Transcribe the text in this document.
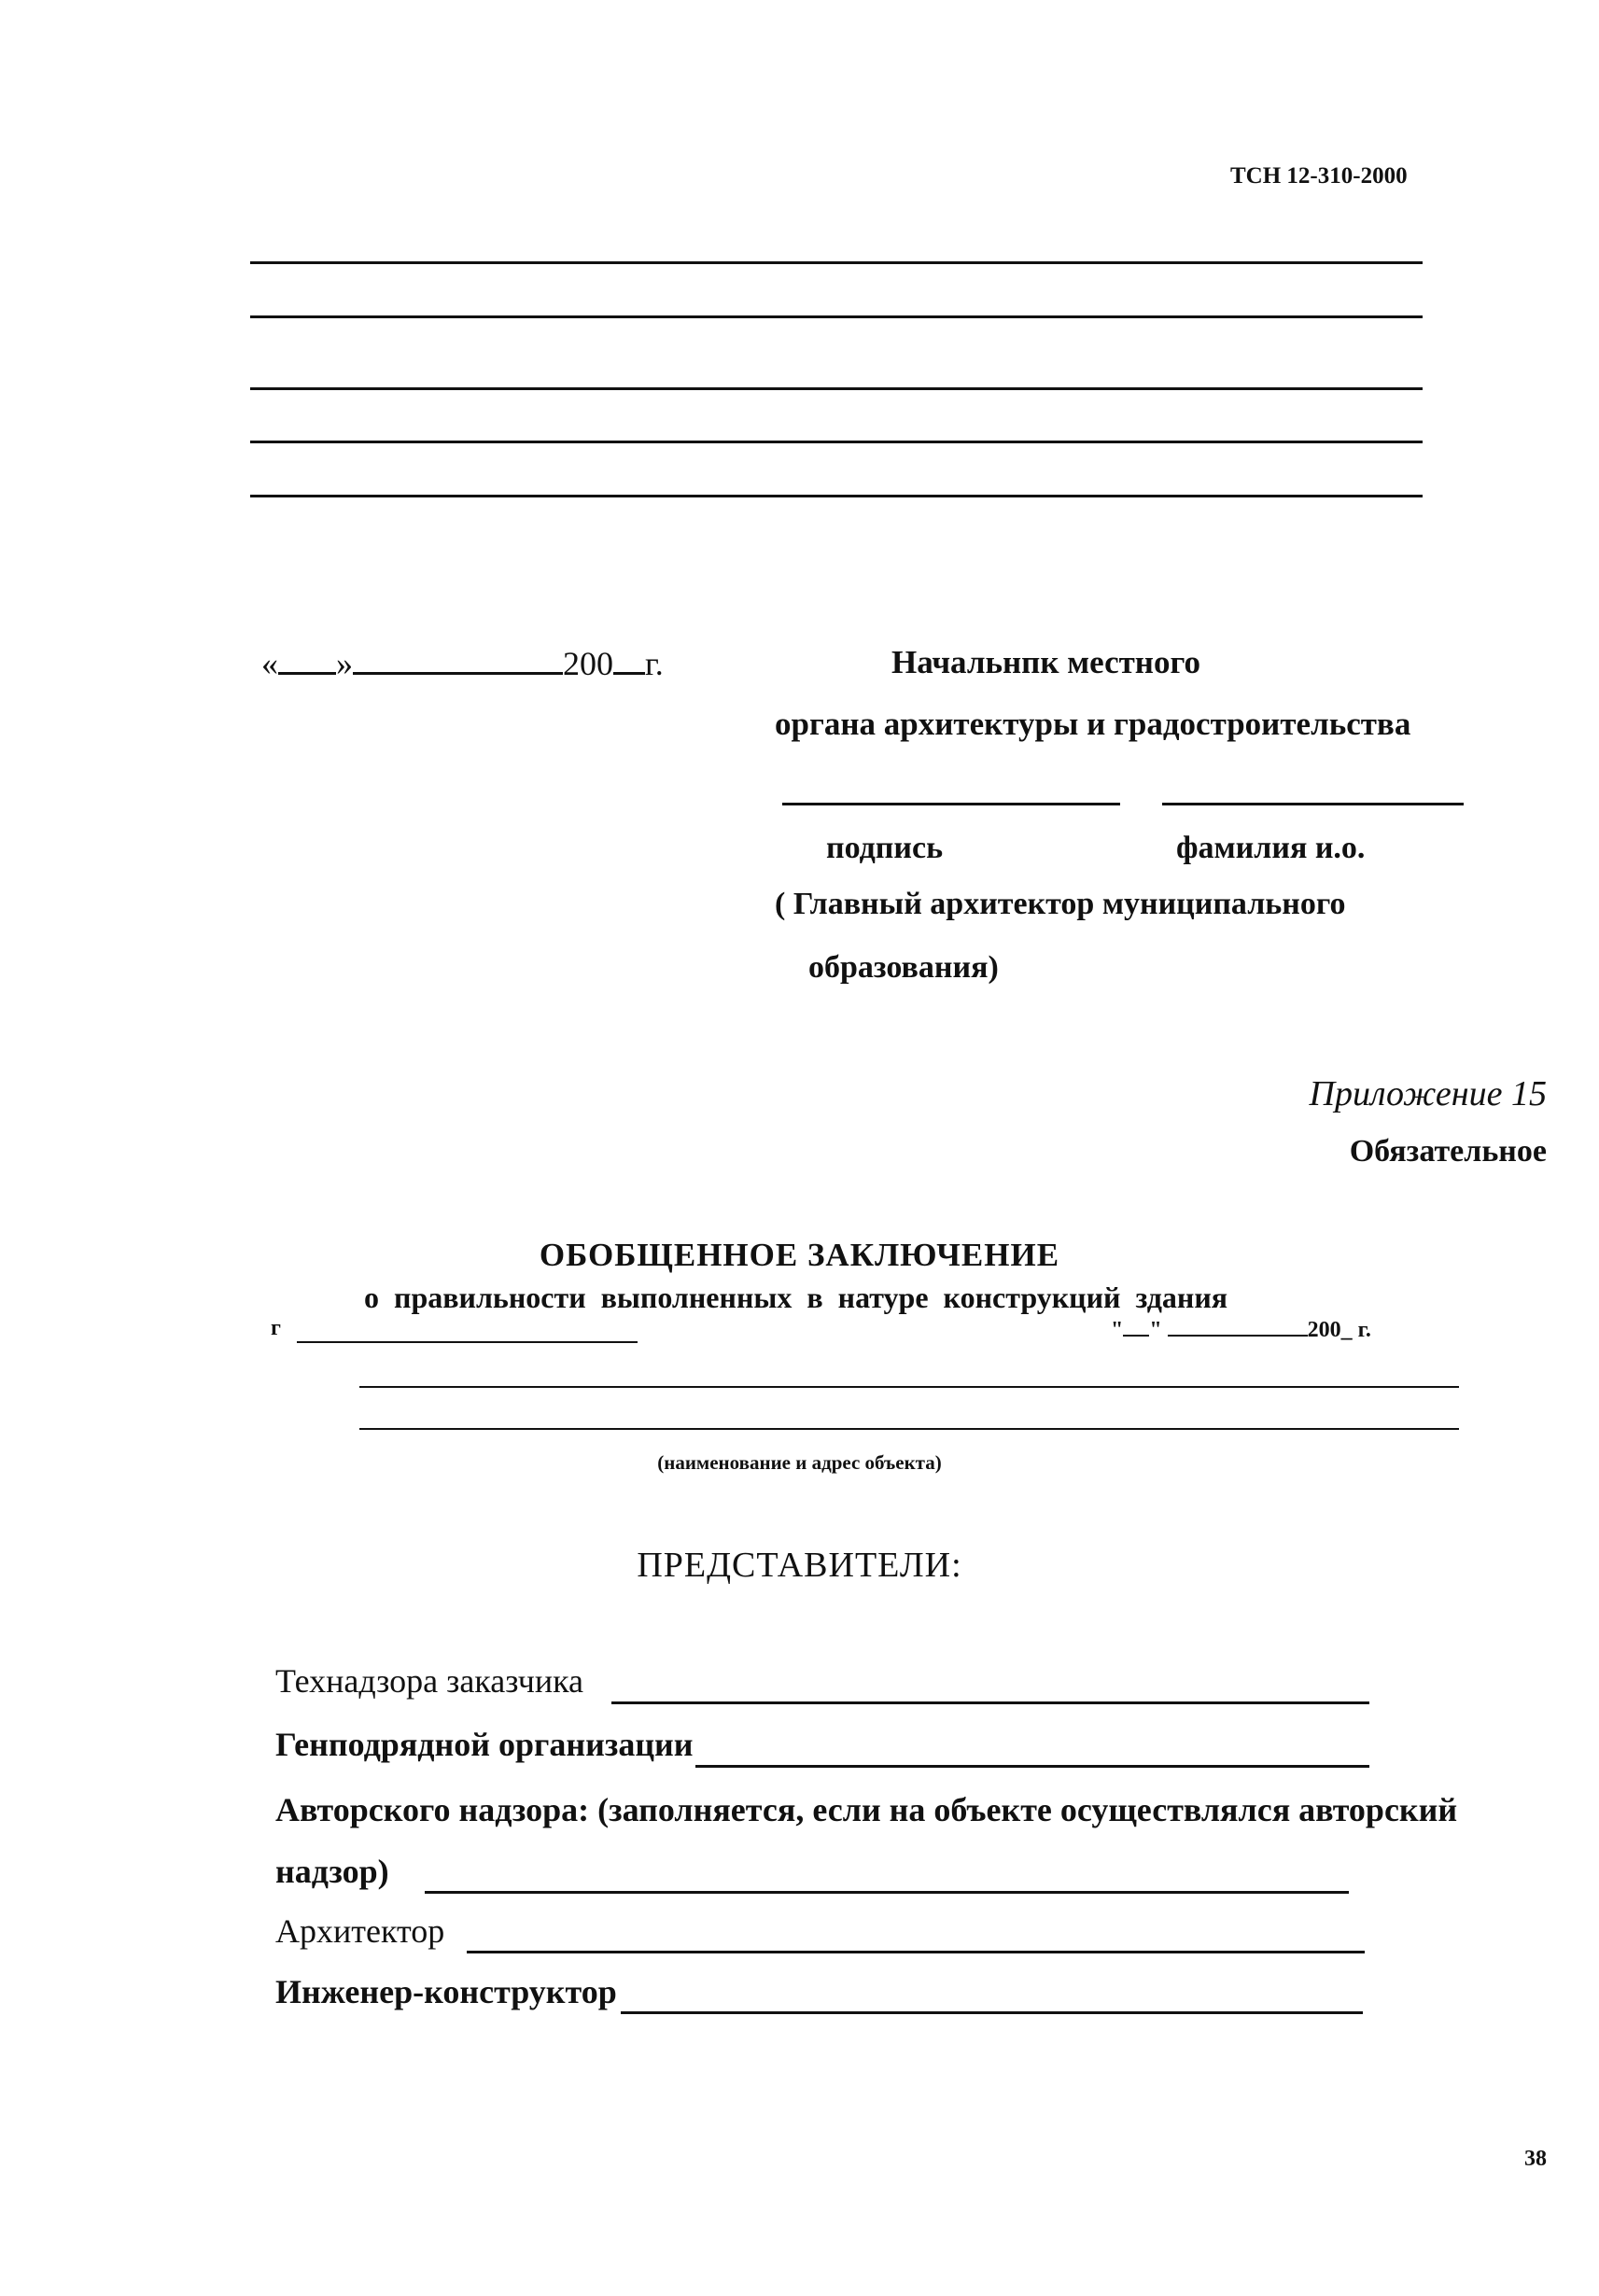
ТСН 12-310-2000
« »	200 г.	Начальнпк местного
органа архитектуры и градостроительства
подпись	фамилия и.о.
( Главный архитектор муниципального
образования)
Приложение 15
Обязательное
ОБОБЩЕННОЕ ЗАКЛЮЧЕНИЕ
о правильности выполненных в натуре конструкций здания
г	" "	200_ г.
(наименование и адрес объекта)
ПРЕДСТАВИТЕЛИ:
Технадзора заказчика
Генподрядной организации
Авторского надзора: (заполняется, если на объекте осуществлялся авторский
надзор)
Архитектор
Инженер-конструктор
38
